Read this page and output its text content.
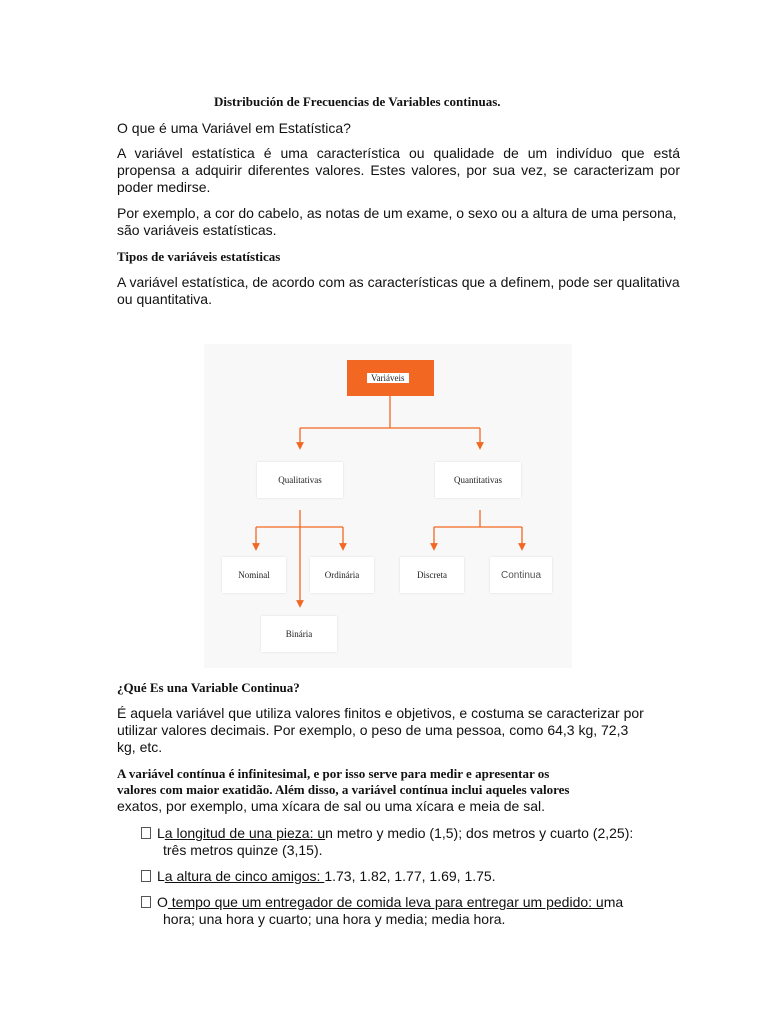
Distribución de Frecuencias de Variables continuas.
O que é uma Variável em Estatística?
A variável estatística é uma característica ou qualidade de um indivíduo que está propensa a adquirir diferentes valores. Estes valores, por sua vez, se caracterizam por poder medirse.
Por exemplo, a cor do cabelo, as notas de um exame, o sexo ou a altura de uma persona, são variáveis estatísticas.
Tipos de variáveis estatísticas
A variável estatística, de acordo com as características que a definem, pode ser qualitativa ou quantitativa.
Variáveis
Qualitativas	Quantitativas
Nominal	Ordinária	Discreta	Continua
Binária
¿Qué Es una Variable Continua?
É aquela variável que utiliza valores finitos e objetivos, e costuma se caracterizar por utilizar valores decimais. Por exemplo, o peso de uma pessoa, como 64,3 kg, 72,3 kg, etc.
A variável contínua é infinitesimal, e por isso serve para medir e apresentar os
valores com maior exatidão. Além disso, a variável contínua inclui aqueles valores
exatos, por exemplo, uma xícara de sal ou uma xícara e meia de sal.
La longitud de una pieza: un metro y medio (1,5); dos metros y cuarto (2,25):
três metros quinze (3,15).
La altura de cinco amigos: 1.73, 1.82, 1.77, 1.69, 1.75.
O tempo que um entregador de comida leva para entregar um pedido: uma
hora; una hora y cuarto; una hora y media; media hora.
